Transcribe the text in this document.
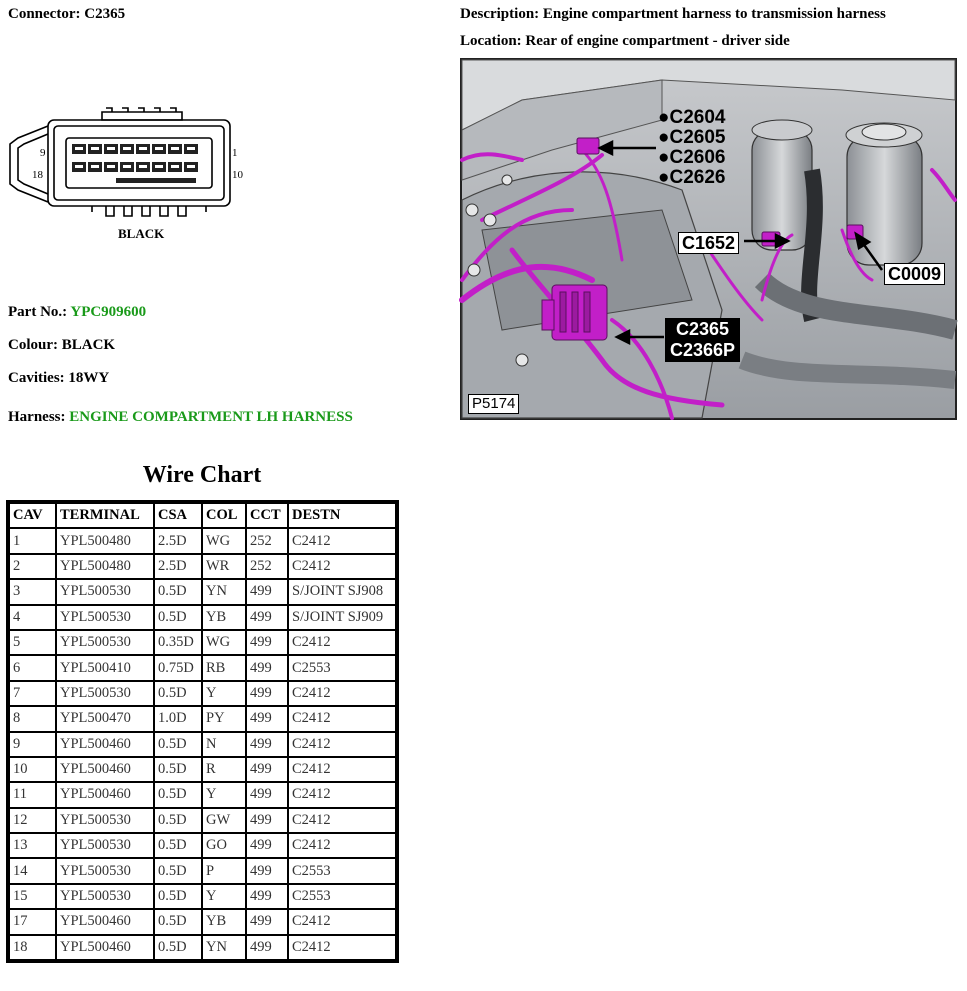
Connector: C2365	Description: Engine compartment harness to transmission harness
Location: Rear of engine compartment - driver side
9
18
1
10
BLACK
Part No.: YPC909600
Colour: BLACK
Cavities: 18WY
Harness: ENGINE COMPARTMENT LH HARNESS
●C2604
●C2605
●C2606
●C2626
C1652
C0009
C2365
C2366P
P5174
Wire Chart
CAV	TERMINAL	CSA	COL	CCT	DESTN
1	YPL500480	2.5D	WG	252	C2412
2	YPL500480	2.5D	WR	252	C2412
3	YPL500530	0.5D	YN	499	S/JOINT SJ908
4	YPL500530	0.5D	YB	499	S/JOINT SJ909
5	YPL500530	0.35D	WG	499	C2412
6	YPL500410	0.75D	RB	499	C2553
7	YPL500530	0.5D	Y	499	C2412
8	YPL500470	1.0D	PY	499	C2412
9	YPL500460	0.5D	N	499	C2412
10	YPL500460	0.5D	R	499	C2412
11	YPL500460	0.5D	Y	499	C2412
12	YPL500530	0.5D	GW	499	C2412
13	YPL500530	0.5D	GO	499	C2412
14	YPL500530	0.5D	P	499	C2553
15	YPL500530	0.5D	Y	499	C2553
17	YPL500460	0.5D	YB	499	C2412
18	YPL500460	0.5D	YN	499	C2412
